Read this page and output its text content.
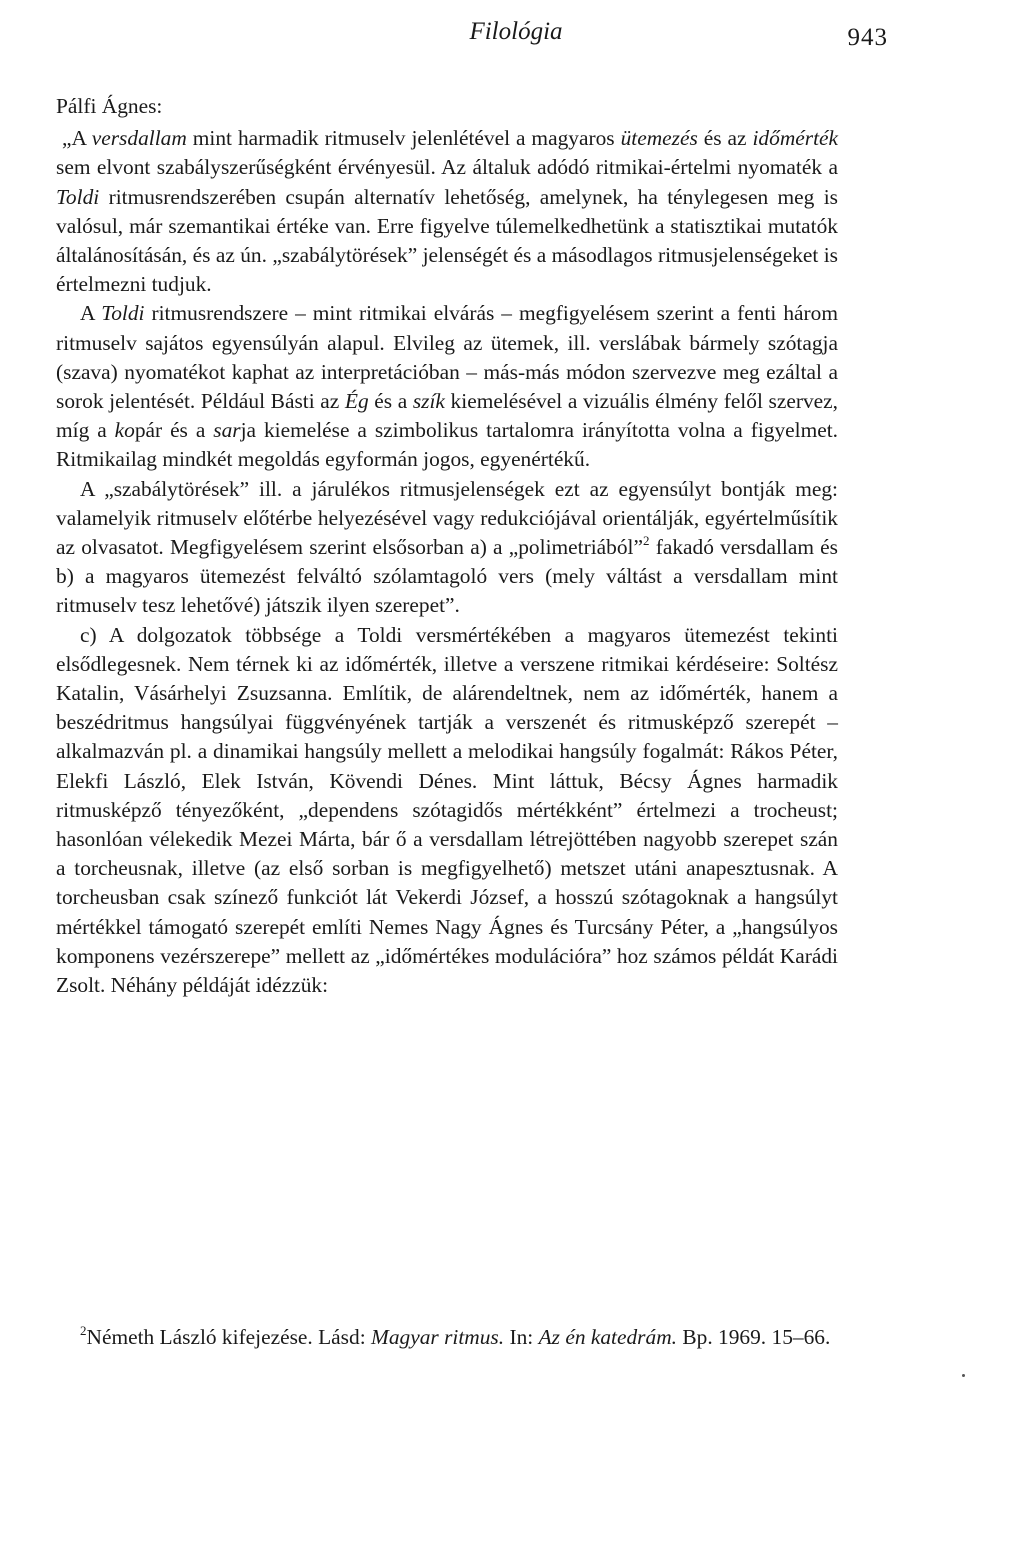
Filológia	943
Pálfi Ágnes:

„A versdallam mint harmadik ritmuselv jelenlétével a magyaros ütemezés és az időmérték sem elvont szabályszerűségként érvényesül. Az általuk adódó ritmikai-értelmi nyomaték a Toldi ritmusrendszerében csupán alternatív lehetőség, amelynek, ha ténylegesen meg is valósul, már szemantikai értéke van. Erre figyelve túlemelkedhetünk a statisztikai mutatók általánosításán, és az ún. „szabálytörések” jelenségét és a másodlagos ritmusjelenségeket is értelmezni tudjuk.

A Toldi ritmusrendszere – mint ritmikai elvárás – megfigyelésem szerint a fenti három ritmuselv sajátos egyensúlyán alapul. Elvileg az ütemek, ill. verslábak bármely szótagja (szava) nyomatékot kaphat az interpretációban – más-más módon szervezve meg ezáltal a sorok jelentését. Például Básti az Ég és a szík kiemelésével a vizuális élmény felől szervez, míg a kopár és a sarja kiemelése a szimbolikus tartalomra irányította volna a figyelmet. Ritmikailag mindkét megoldás egyformán jogos, egyenértékű.

A „szabálytörések” ill. a járulékos ritmusjelenségek ezt az egyensúlyt bontják meg: valamelyik ritmuselv előtérbe helyezésével vagy redukciójával orientálják, egyértelműsítik az olvasatot. Megfigyelésem szerint elsősorban a) a „polimetriából”$^2$ fakadó versdallam és b) a magyaros ütemezést felváltó szólamtagoló vers (mely váltást a versdallam mint ritmuselv tesz lehetővé) játszik ilyen szerepet”.

c) A dolgozatok többsége a Toldi versmértékében a magyaros ütemezést tekinti elsődlegesnek. Nem térnek ki az időmérték, illetve a verszene ritmikai kérdéseire: Soltész Katalin, Vásárhelyi Zsuzsanna. Említik, de alárendeltnek, nem az időmérték, hanem a beszédritmus hangsúlyai függvényének tartják a verszenét és ritmusképző szerepét – alkalmazván pl. a dinamikai hangsúly mellett a melodikai hangsúly fogalmát: Rákos Péter, Elekfi László, Elek István, Kövendi Dénes. Mint láttuk, Bécsy Ágnes harmadik ritmusképző tényezőként, „dependens szótagidős mértékként” értelmezi a trocheust; hasonlóan vélekedik Mezei Márta, bár ő a versdallam létrejöttében nagyobb szerepet szán a torcheusnak, illetve (az első sorban is megfigyelhető) metszet utáni anapesztusnak. A torcheusban csak színező funkciót lát Vekerdi József, a hosszú szótagoknak a hangsúlyt mértékkel támogató szerepét említi Nemes Nagy Ágnes és Turcsány Péter, a „hangsúlyos komponens vezérszerepe” mellett az „időmértékes modulációra” hoz számos példát Karádi Zsolt. Néhány példáját idézzük:

$^2$Németh László kifejezése. Lásd: Magyar ritmus. In: Az én katedrám. Bp. 1969. 15–66.
